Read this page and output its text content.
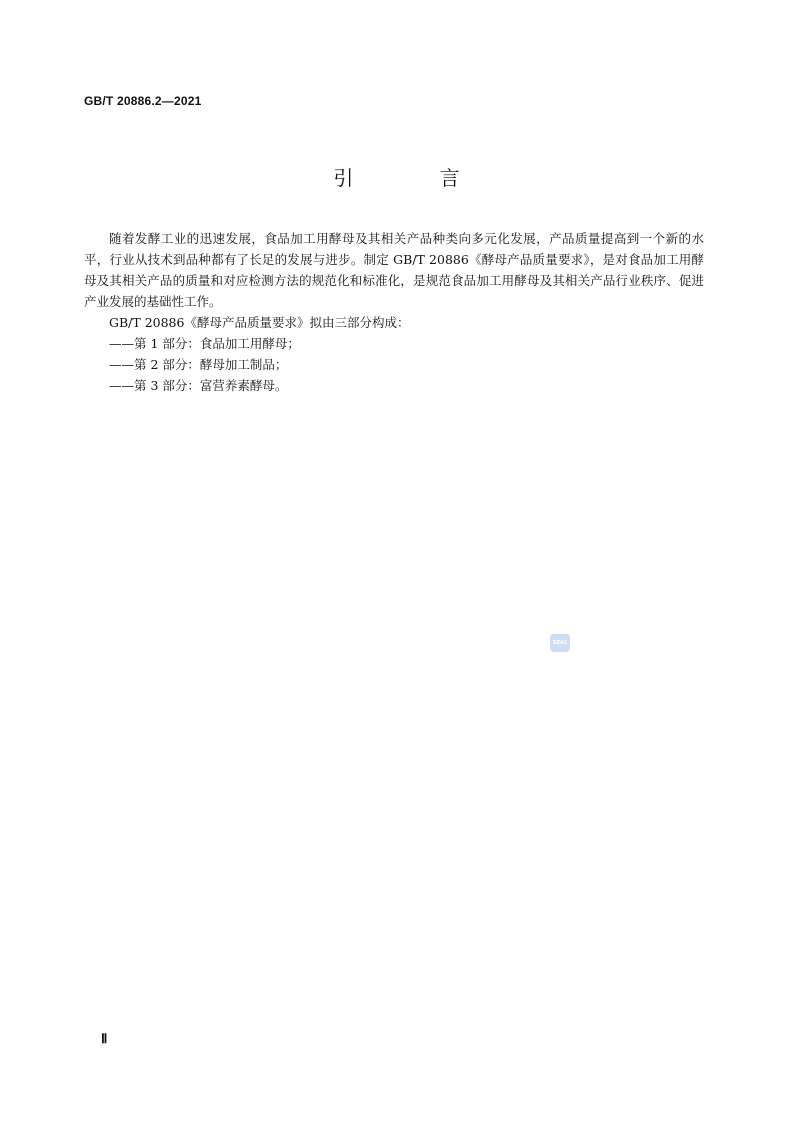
GB/T 20886.2—2021
引 言

随着发酵工业的迅速发展，食品加工用酵母及其相关产品种类向多元化发展，产品质量提高到一个新的水平，行业从技术到品种都有了长足的发展与进步。制定 GB/T 20886《酵母产品质量要求》，是对食品加工用酵母及其相关产品的质量和对应检测方法的规范化和标准化，是规范食品加工用酵母及其相关产品行业秩序、促进产业发展的基础性工作。

GB/T 20886《酵母产品质量要求》拟由三部分构成：

——第 1 部分：食品加工用酵母；

——第 2 部分：酵母加工制品；

——第 3 部分：富营养素酵母。

SZAC
Ⅱ
